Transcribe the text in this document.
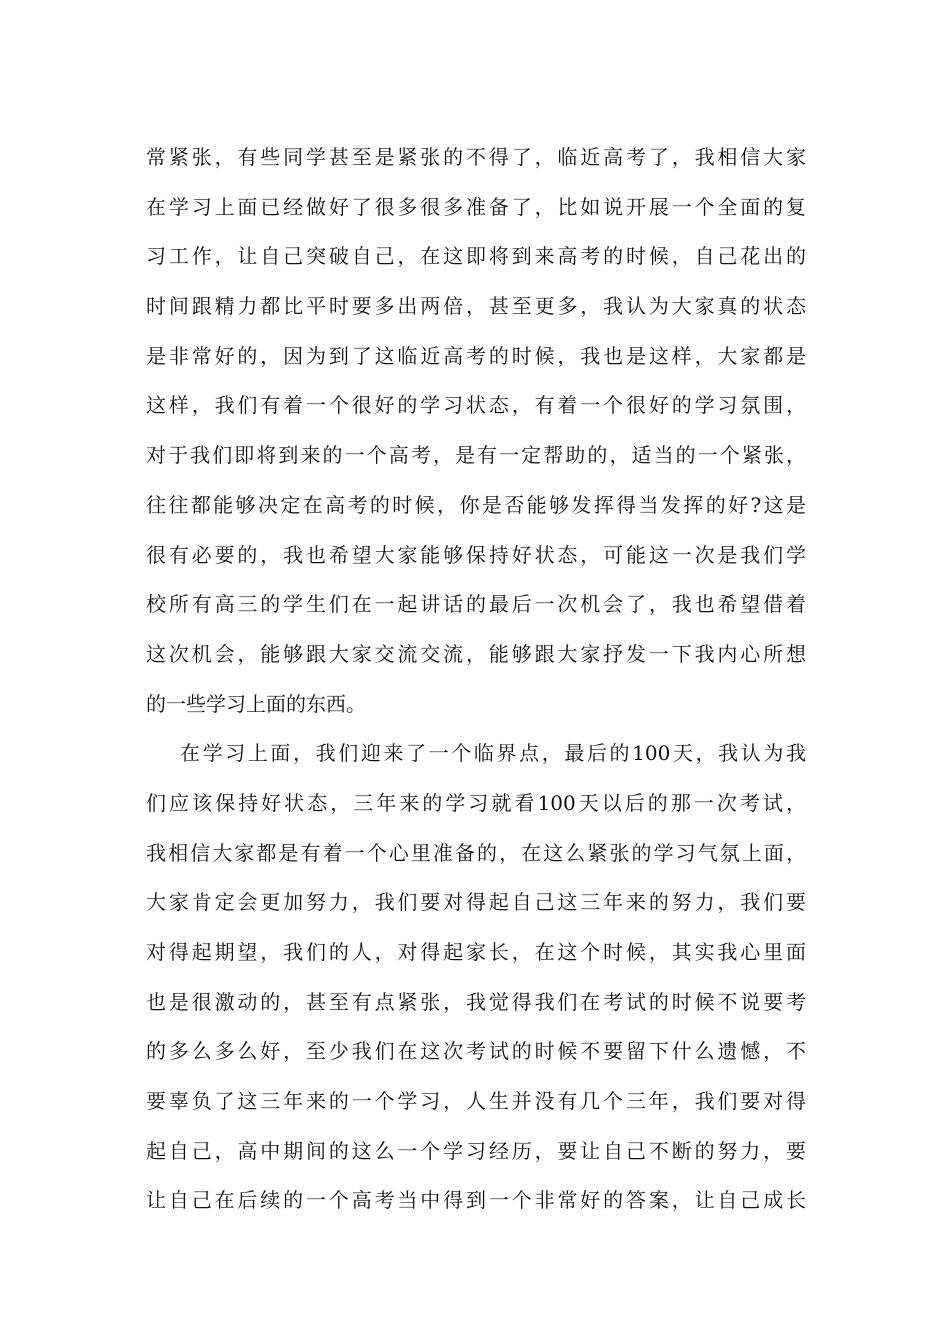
常紧张，有些同学甚至是紧张的不得了，临近高考了，我相信大家
在学习上面已经做好了很多很多准备了，比如说开展一个全面的复
习工作，让自己突破自己，在这即将到来高考的时候，自己花出的
时间跟精力都比平时要多出两倍，甚至更多，我认为大家真的状态
是非常好的，因为到了这临近高考的时候，我也是这样，大家都是
这样，我们有着一个很好的学习状态，有着一个很好的学习氛围，
对于我们即将到来的一个高考，是有一定帮助的，适当的一个紧张，
往往都能够决定在高考的时候，你是否能够发挥得当发挥的好?这是
很有必要的，我也希望大家能够保持好状态，可能这一次是我们学
校所有高三的学生们在一起讲话的最后一次机会了，我也希望借着
这次机会，能够跟大家交流交流，能够跟大家抒发一下我内心所想
的一些学习上面的东西。

在学习上面，我们迎来了一个临界点，最后的100天，我认为我
们应该保持好状态，三年来的学习就看100天以后的那一次考试，
我相信大家都是有着一个心里准备的，在这么紧张的学习气氛上面，
大家肯定会更加努力，我们要对得起自己这三年来的努力，我们要
对得起期望，我们的人，对得起家长，在这个时候，其实我心里面
也是很激动的，甚至有点紧张，我觉得我们在考试的时候不说要考
的多么多么好，至少我们在这次考试的时候不要留下什么遗憾，不
要辜负了这三年来的一个学习，人生并没有几个三年，我们要对得
起自己，高中期间的这么一个学习经历，要让自己不断的努力，要
让自己在后续的一个高考当中得到一个非常好的答案，让自己成长
